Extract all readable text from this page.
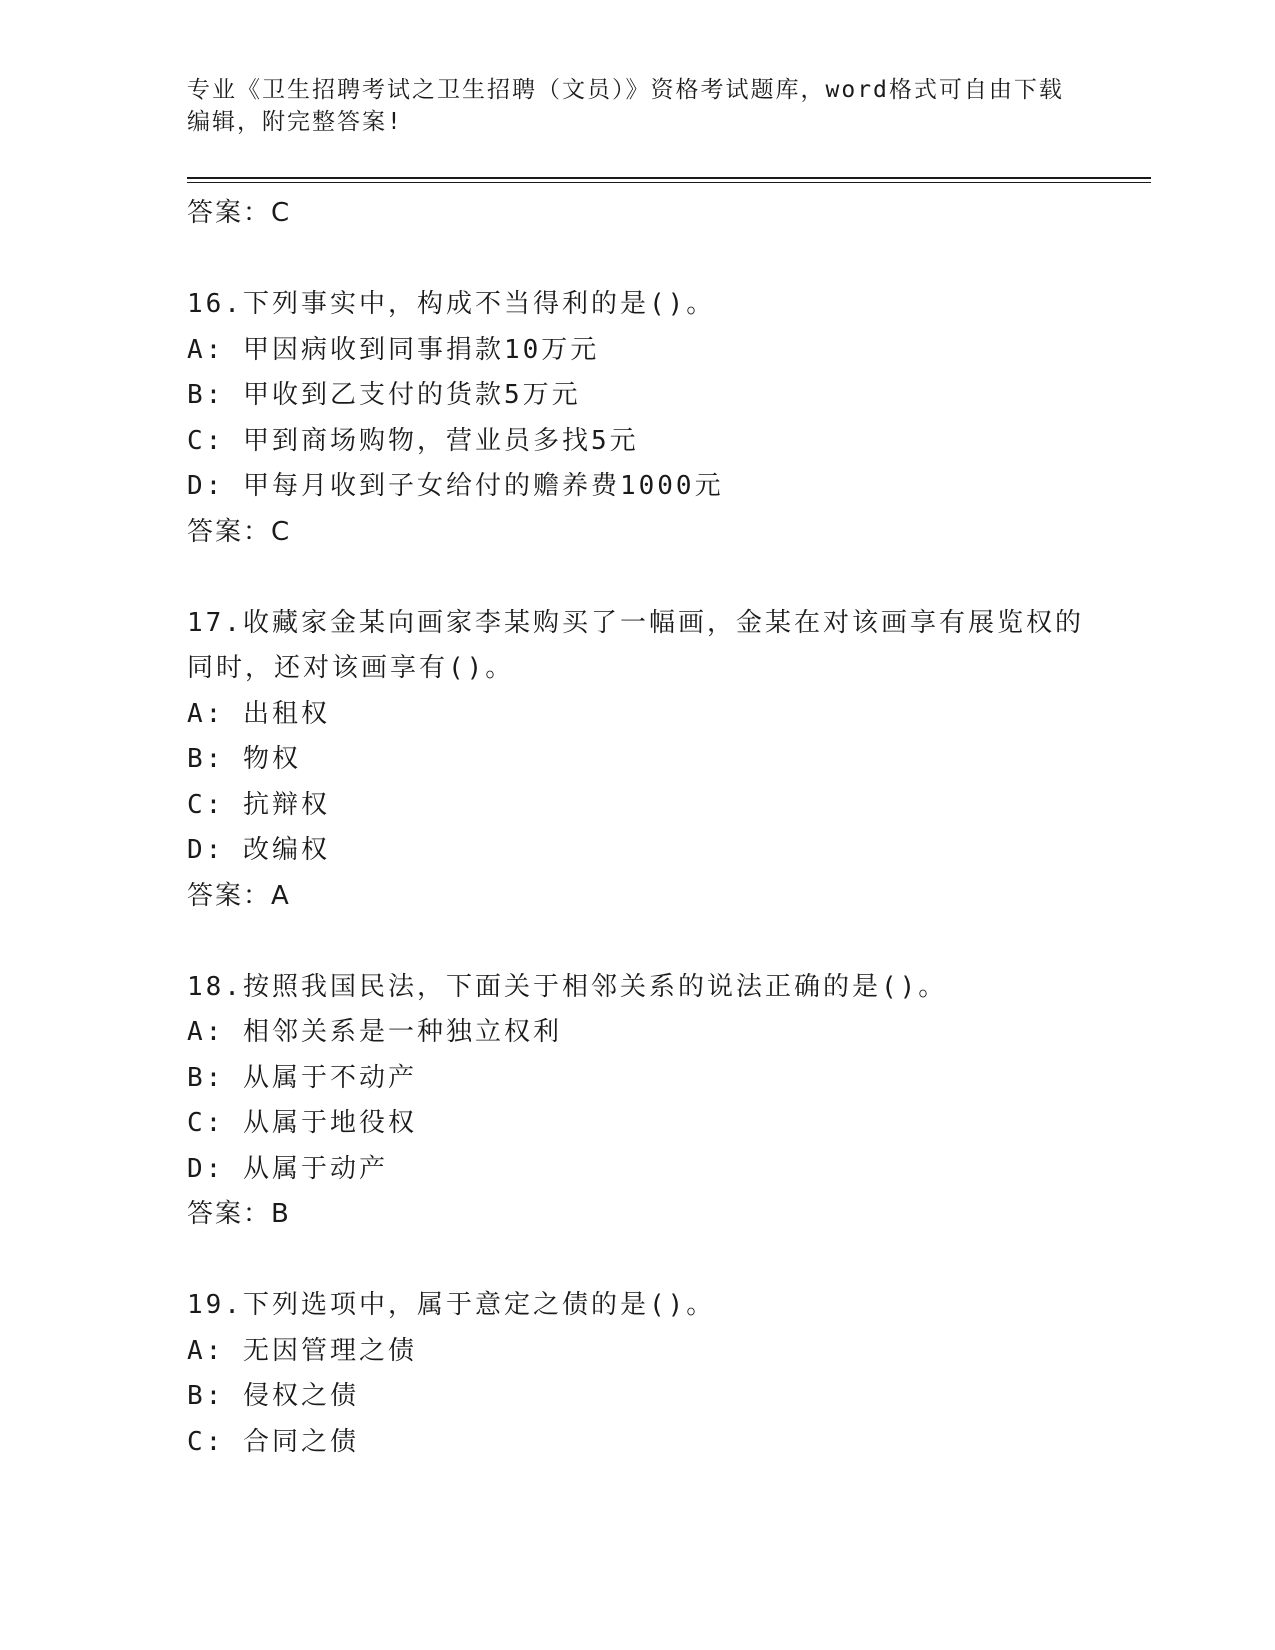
专业《卫生招聘考试之卫生招聘（文员）》资格考试题库，word格式可自由下载编辑，附完整答案!

答案：C

16.下列事实中，构成不当得利的是()。

A: 甲因病收到同事捐款10万元

B: 甲收到乙支付的货款5万元

C: 甲到商场购物，营业员多找5元

D: 甲每月收到子女给付的赡养费1000元

答案：C

17.收藏家金某向画家李某购买了一幅画，金某在对该画享有展览权的同时，还对该画享有()。

A: 出租权

B: 物权

C: 抗辩权

D: 改编权

答案：A

18.按照我国民法，下面关于相邻关系的说法正确的是()。

A: 相邻关系是一种独立权利

B: 从属于不动产

C: 从属于地役权

D: 从属于动产

答案：B

19.下列选项中，属于意定之债的是()。

A: 无因管理之债

B: 侵权之债

C: 合同之债
